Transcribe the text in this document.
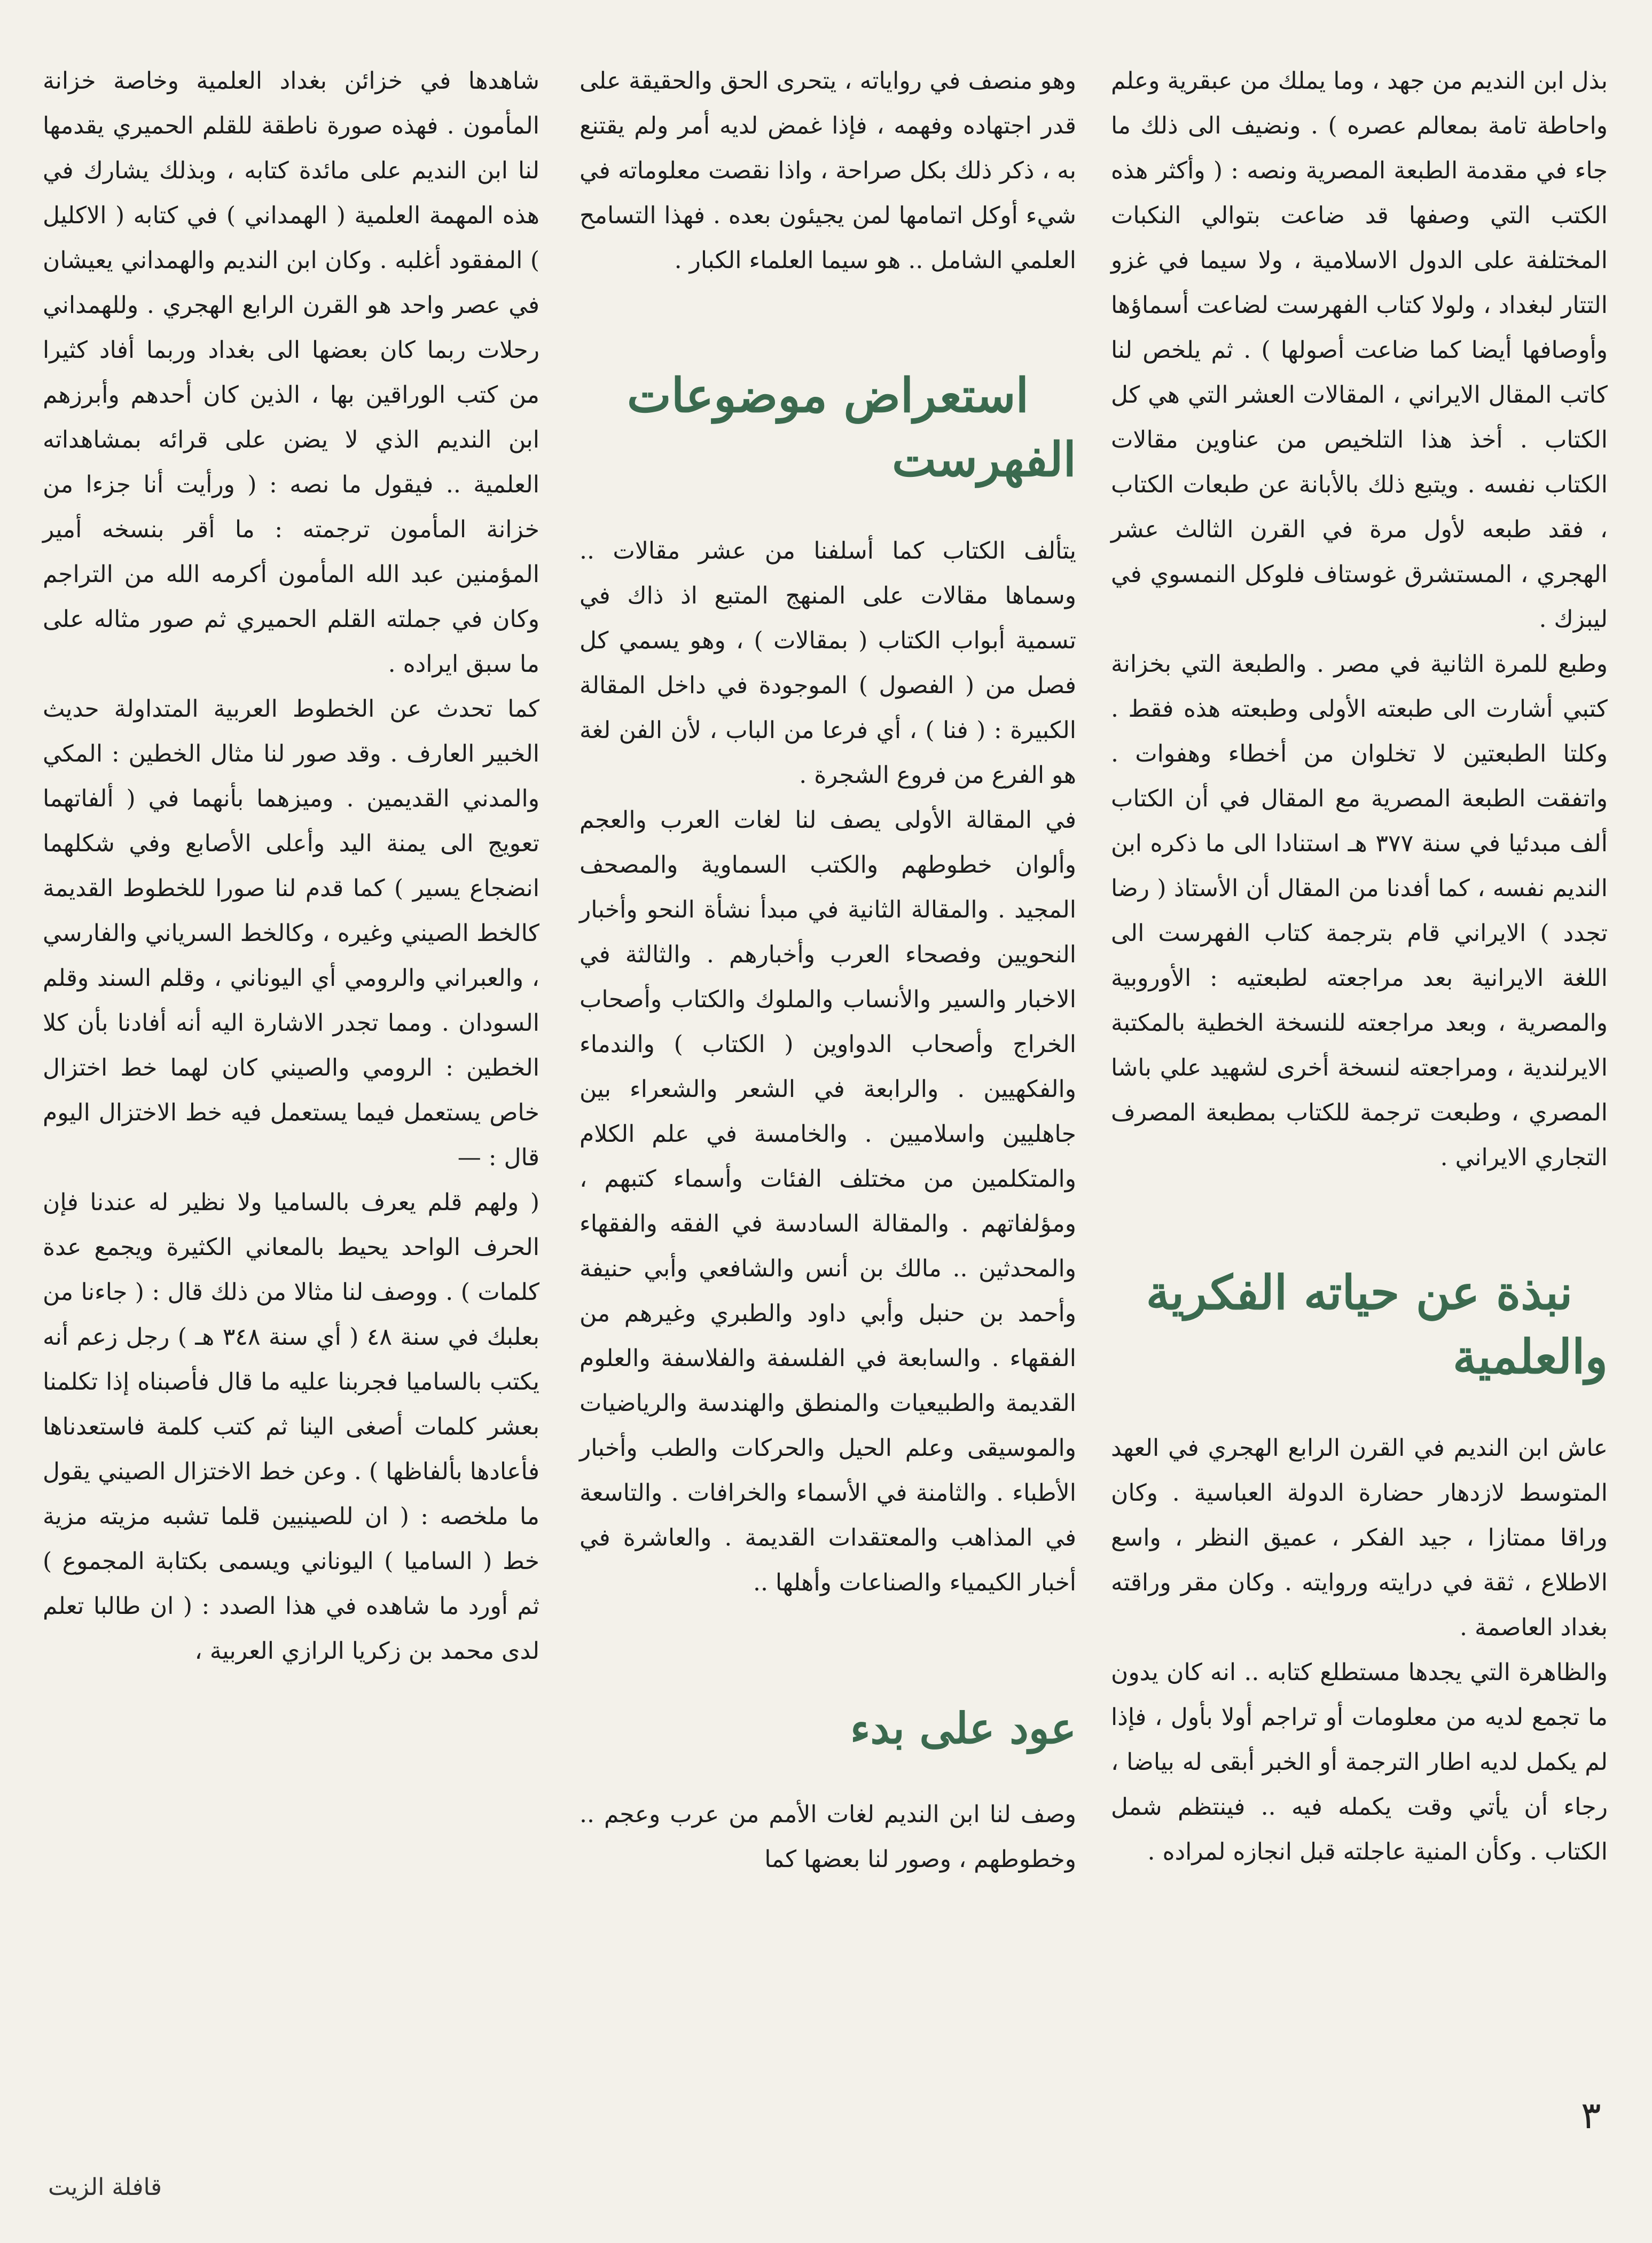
بذل ابن النديم من جهد ، وما يملك من عبقرية وعلم واحاطة تامة بمعالم عصره ) . ونضيف الى ذلك ما جاء في مقدمة الطبعة المصرية ونصه : ( وأكثر هذه الكتب التي وصفها قد ضاعت بتوالي النكبات المختلفة على الدول الاسلامية ، ولا سيما في غزو التتار لبغداد ، ولولا كتاب الفهرست لضاعت أسماؤها وأوصافها أيضا كما ضاعت أصولها ) . ثم يلخص لنا كاتب المقال الايراني ، المقالات العشر التي هي كل الكتاب . أخذ هذا التلخيص من عناوين مقالات الكتاب نفسه . ويتبع ذلك بالأبانة عن طبعات الكتاب ، فقد طبعه لأول مرة في القرن الثالث عشر الهجري ، المستشرق غوستاف فلوكل النمسوي في ليبزك .

وطبع للمرة الثانية في مصر . والطبعة التي بخزانة كتبي أشارت الى طبعته الأولى وطبعته هذه فقط . وكلتا الطبعتين لا تخلوان من أخطاء وهفوات . واتفقت الطبعة المصرية مع المقال في أن الكتاب ألف مبدئيا في سنة ٣٧٧ هـ استنادا الى ما ذكره ابن النديم نفسه ، كما أفدنا من المقال أن الأستاذ ( رضا تجدد ) الايراني قام بترجمة كتاب الفهرست الى اللغة الايرانية بعد مراجعته لطبعتيه : الأوروبية والمصرية ، وبعد مراجعته للنسخة الخطية بالمكتبة الايرلندية ، ومراجعته لنسخة أخرى لشهيد علي باشا المصري ، وطبعت ترجمة للكتاب بمطبعة المصرف التجاري الايراني .

نبذة عن حياته الفكرية والعلمية

عاش ابن النديم في القرن الرابع الهجري في العهد المتوسط لازدهار حضارة الدولة العباسية . وكان وراقا ممتازا ، جيد الفكر ، عميق النظر ، واسع الاطلاع ، ثقة في درايته وروايته . وكان مقر وراقته بغداد العاصمة .

والظاهرة التي يجدها مستطلع كتابه .. انه كان يدون ما تجمع لديه من معلومات أو تراجم أولا بأول ، فإذا لم يكمل لديه اطار الترجمة أو الخبر أبقى له بياضا ، رجاء أن يأتي وقت يكمله فيه .. فينتظم شمل الكتاب . وكأن المنية عاجلته قبل انجازه لمراده .

وهو منصف في رواياته ، يتحرى الحق والحقيقة على قدر اجتهاده وفهمه ، فإذا غمض لديه أمر ولم يقتنع به ، ذكر ذلك بكل صراحة ، واذا نقصت معلوماته في شيء أوكل اتمامها لمن يجيئون بعده . فهذا التسامح العلمي الشامل .. هو سيما العلماء الكبار .

استعراض موضوعات الفهرست

يتألف الكتاب كما أسلفنا من عشر مقالات .. وسماها مقالات على المنهج المتبع اذ ذاك في تسمية أبواب الكتاب ( بمقالات ) ، وهو يسمي كل فصل من ( الفصول ) الموجودة في داخل المقالة الكبيرة : ( فنا ) ، أي فرعا من الباب ، لأن الفن لغة هو الفرع من فروع الشجرة .

في المقالة الأولى يصف لنا لغات العرب والعجم وألوان خطوطهم والكتب السماوية والمصحف المجيد . والمقالة الثانية في مبدأ نشأة النحو وأخبار النحويين وفصحاء العرب وأخبارهم . والثالثة في الاخبار والسير والأنساب والملوك والكتاب وأصحاب الخراج وأصحاب الدواوين ( الكتاب ) والندماء والفكهيين . والرابعة في الشعر والشعراء بين جاهليين واسلاميين . والخامسة في علم الكلام والمتكلمين من مختلف الفئات وأسماء كتبهم ، ومؤلفاتهم . والمقالة السادسة في الفقه والفقهاء والمحدثين .. مالك بن أنس والشافعي وأبي حنيفة وأحمد بن حنبل وأبي داود والطبري وغيرهم من الفقهاء . والسابعة في الفلسفة والفلاسفة والعلوم القديمة والطبيعيات والمنطق والهندسة والرياضيات والموسيقى وعلم الحيل والحركات والطب وأخبار الأطباء . والثامنة في الأسماء والخرافات . والتاسعة في المذاهب والمعتقدات القديمة . والعاشرة في أخبار الكيمياء والصناعات وأهلها ..

عود على بدء

وصف لنا ابن النديم لغات الأمم من عرب وعجم .. وخطوطهم ، وصور لنا بعضها كما

شاهدها في خزائن بغداد العلمية وخاصة خزانة المأمون . فهذه صورة ناطقة للقلم الحميري يقدمها لنا ابن النديم على مائدة كتابه ، وبذلك يشارك في هذه المهمة العلمية ( الهمداني ) في كتابه ( الاكليل ) المفقود أغلبه . وكان ابن النديم والهمداني يعيشان في عصر واحد هو القرن الرابع الهجري . وللهمداني رحلات ربما كان بعضها الى بغداد وربما أفاد كثيرا من كتب الوراقين بها ، الذين كان أحدهم وأبرزهم ابن النديم الذي لا يضن على قرائه بمشاهداته العلمية .. فيقول ما نصه : ( ورأيت أنا جزءا من خزانة المأمون ترجمته : ما أقر بنسخه أمير المؤمنين عبد الله المأمون أكرمه الله من التراجم وكان في جملته القلم الحميري ثم صور مثاله على ما سبق ايراده .

كما تحدث عن الخطوط العربية المتداولة حديث الخبير العارف . وقد صور لنا مثال الخطين : المكي والمدني القديمين . وميزهما بأنهما في ( ألفاتهما تعويج الى يمنة اليد وأعلى الأصابع وفي شكلهما انضجاع يسير ) كما قدم لنا صورا للخطوط القديمة كالخط الصيني وغيره ، وكالخط السرياني والفارسي ، والعبراني والرومي أي اليوناني ، وقلم السند وقلم السودان . ومما تجدر الاشارة اليه أنه أفادنا بأن كلا الخطين : الرومي والصيني كان لهما خط اختزال خاص يستعمل فيما يستعمل فيه خط الاختزال اليوم قال : —

( ولهم قلم يعرف بالساميا ولا نظير له عندنا فإن الحرف الواحد يحيط بالمعاني الكثيرة ويجمع عدة كلمات ) . ووصف لنا مثالا من ذلك قال : ( جاءنا من بعلبك في سنة ٤٨ ( أي سنة ٣٤٨ هـ ) رجل زعم أنه يكتب بالساميا فجربنا عليه ما قال فأصبناه إذا تكلمنا بعشر كلمات أصغى الينا ثم كتب كلمة فاستعدناها فأعادها بألفاظها ) . وعن خط الاختزال الصيني يقول ما ملخصه : ( ان للصينيين قلما تشبه مزيته مزية خط ( الساميا ) اليوناني ويسمى بكتابة المجموع ) ثم أورد ما شاهده في هذا الصدد : ( ان طالبا تعلم لدى محمد بن زكريا الرازي العربية ،

٣
قافلة الزيت
